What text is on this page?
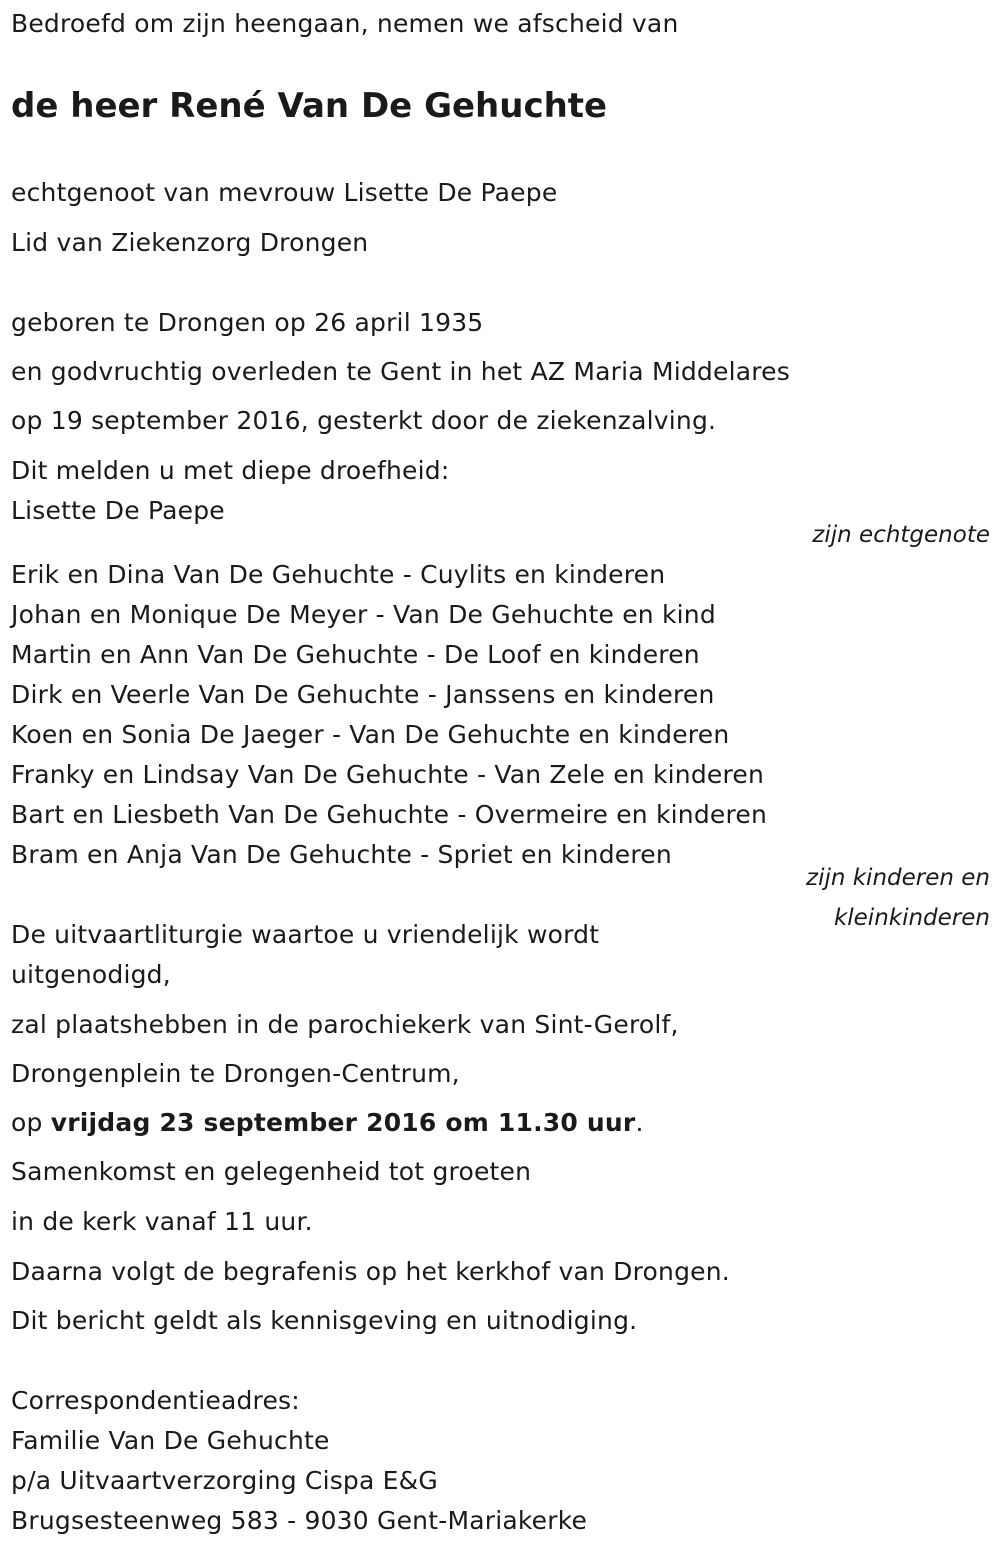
Bedroefd om zijn heengaan, nemen we afscheid van
de heer René Van De Gehuchte
echtgenoot van mevrouw Lisette De Paepe
Lid van Ziekenzorg Drongen
geboren te Drongen op 26 april 1935
en godvruchtig overleden te Gent in het AZ Maria Middelares
op 19 september 2016, gesterkt door de ziekenzalving.
Dit melden u met diepe droefheid:
Lisette De Paepe
zijn echtgenote
Erik en Dina Van De Gehuchte - Cuylits en kinderen
Johan en Monique De Meyer - Van De Gehuchte en kind
Martin en Ann Van De Gehuchte - De Loof en kinderen
Dirk en Veerle Van De Gehuchte - Janssens en kinderen
Koen en Sonia De Jaeger - Van De Gehuchte en kinderen
Franky en Lindsay Van De Gehuchte - Van Zele en kinderen
Bart en Liesbeth Van De Gehuchte - Overmeire en kinderen
Bram en Anja Van De Gehuchte - Spriet en kinderen
zijn kinderen en
kleinkinderen
De uitvaartliturgie waartoe u vriendelijk wordt
uitgenodigd,
zal plaatshebben in de parochiekerk van Sint-Gerolf,
Drongenplein te Drongen-Centrum,
op vrijdag 23 september 2016 om 11.30 uur.
Samenkomst en gelegenheid tot groeten
in de kerk vanaf 11 uur.
Daarna volgt de begrafenis op het kerkhof van Drongen.
Dit bericht geldt als kennisgeving en uitnodiging.
Correspondentieadres:
Familie Van De Gehuchte
p/a Uitvaartverzorging Cispa E&G
Brugsesteenweg 583 - 9030 Gent-Mariakerke
